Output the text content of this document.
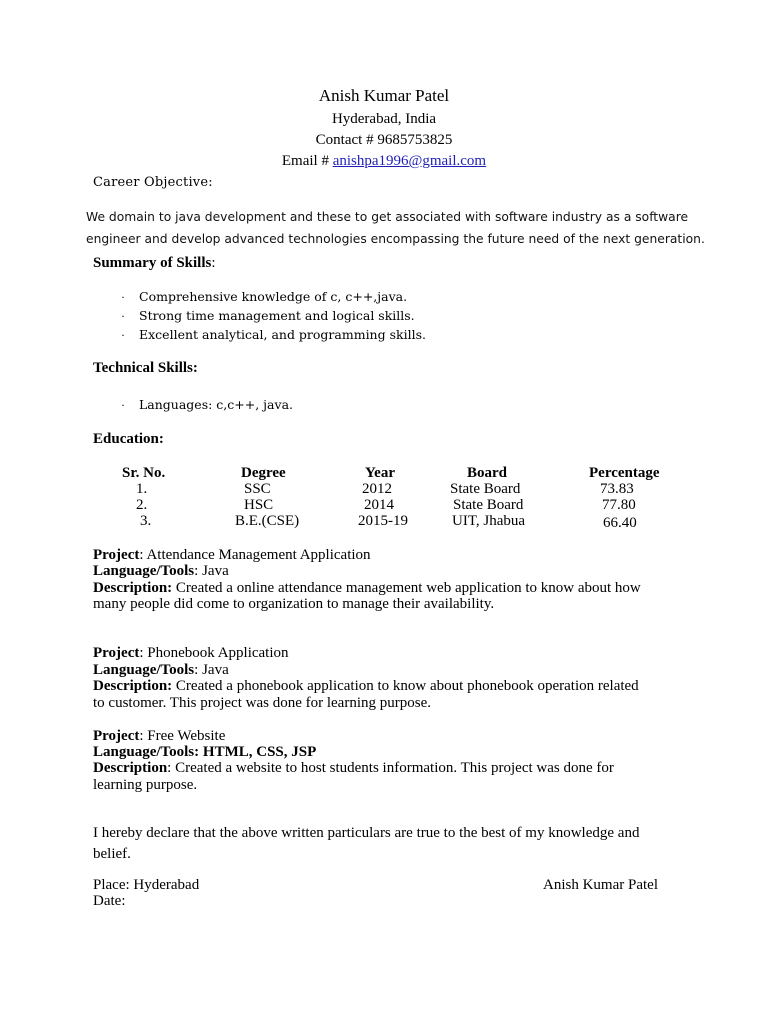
Anish Kumar Patel
Hyderabad, India
Contact # 9685753825
Email # anishpa1996@gmail.com
Career Objective:
We domain to java development and these to get associated with software industry as a software
engineer and develop advanced technologies encompassing the future need of the next generation.
Summary of Skills:
· Comprehensive knowledge of c, c++,java.
· Strong time management and logical skills.
· Excellent analytical, and programming skills.
Technical Skills:
· Languages: c,c++, java.
Education:
Sr. No.	Degree	Year	Board	Percentage
1.	SSC	2012	State Board	73.83
2.	HSC	2014	State Board	77.80
3.	B.E.(CSE)	2015-19	UIT, Jhabua	66.40
Project: Attendance Management Application
Language/Tools: Java
Description: Created a online attendance management web application to know about how
many people did come to organization to manage their availability.
Project: Phonebook Application
Language/Tools: Java
Description: Created a phonebook application to know about phonebook operation related
to customer. This project was done for learning purpose.
Project: Free Website
Language/Tools: HTML, CSS, JSP
Description: Created a website to host students information. This project was done for
learning purpose.
I hereby declare that the above written particulars are true to the best of my knowledge and
belief.
Place: Hyderabad
Date:
Anish Kumar Patel
